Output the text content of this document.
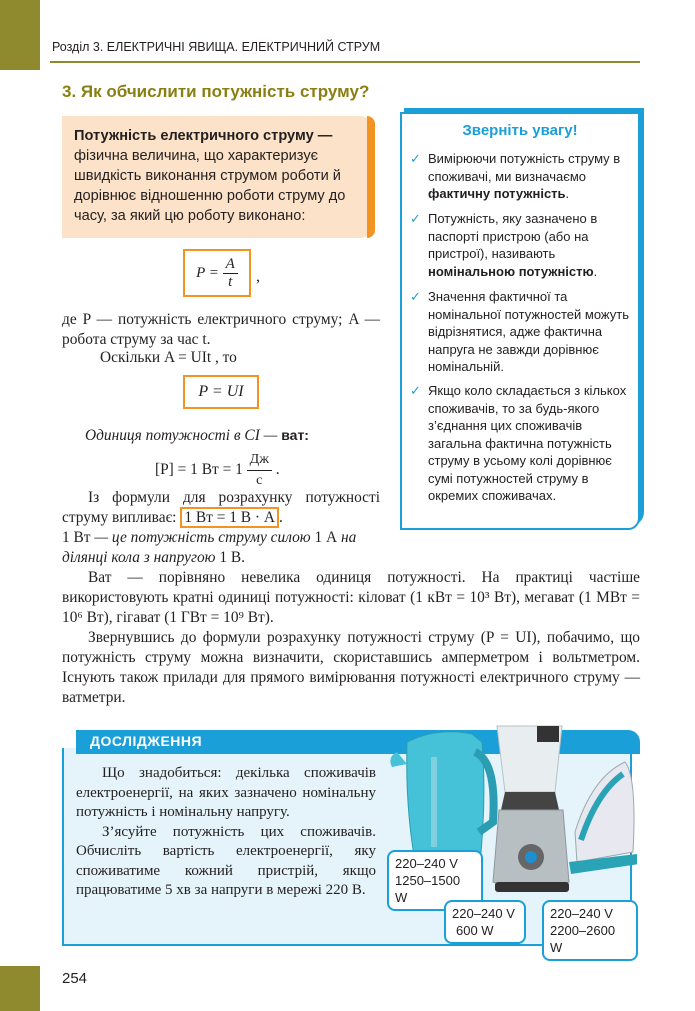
Розділ 3. ЕЛЕКТРИЧНІ ЯВИЩА. ЕЛЕКТРИЧНИЙ СТРУМ
3. Як обчислити потужність струму?
Потужність електричного струму — фізична величина, що характеризує швидкість виконання струмом роботи й дорівнює відношенню роботи струму до часу, за який цю роботу виконано:
P =
$\frac{A}{t}$ ,
де P — потужність електричного струму; A — робота струму за час t.
Оскільки A = UIt , то
P = UI
Одиниця потужності в СІ — ват:
[P] = 1 Вт = $1 \frac{Дж}{с}$ .
Із формули для розрахунку потужності струму випливає: 1 Вт = 1 В · А .
1 Вт — це потужність струму силою 1 А на ділянці кола з напругою 1 В.
Ват — порівняно невелика одиниця потужності. На практиці частіше використовують кратні одиниці потужності: кіловат (1 кВт = 10³ Вт), мегават (1 МВт = 10⁶ Вт), гігават (1 ГВт = 10⁹ Вт).
Звернувшись до формули розрахунку потужності струму (P = UI), побачимо, що потужність струму можна визначити, скориставшись амперметром і вольтметром. Існують також прилади для прямого вимірювання потужності електричного струму — ватметри.
Зверніть увагу!
✓ Вимірюючи потужність струму в споживачі, ми визначаємо фактичну потужність.
✓ Потужність, яку зазначено в паспорті пристрою (або на пристрої), називають номінальною потужністю.
✓ Значення фактичної та номінальної потужностей можуть відрізнятися, адже фактична напруга не завжди дорівнює номінальній.
✓ Якщо коло складається з кількох споживачів, то за будь-якого з’єднання цих споживачів загальна фактична потужність струму в усьому колі дорівнює сумі потужностей струму в окремих споживачах.
ДОСЛІДЖЕННЯ
Що знадобиться: декілька споживачів електроенергії, на яких зазначено номінальну потужність і номінальну напругу.
З’ясуйте потужність цих споживачів. Обчисліть вартість електроенергії, яку споживатиме кожний пристрій, якщо працюватиме 5 хв за напруги в мережі 220 В.
220–240 V
1250–1500 W
220–240 V
600 W
220–240 V
2200–2600 W
254
